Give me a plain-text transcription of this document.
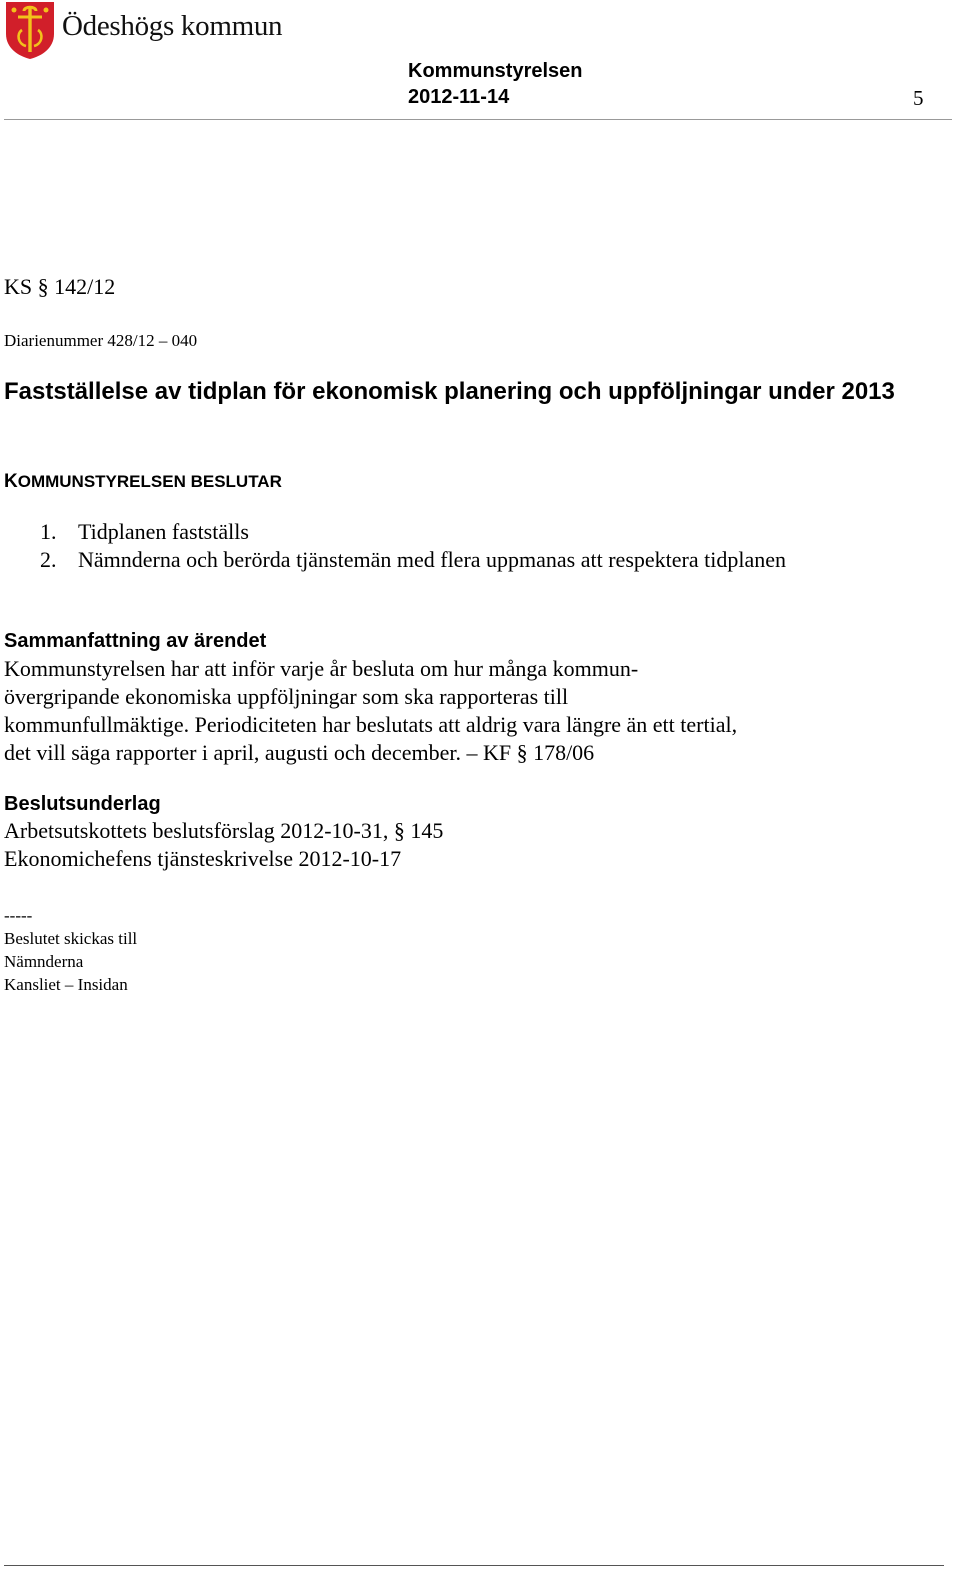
Ödeshögs kommun
Kommunstyrelsen
2012-11-14	5
KS § 142/12
Diarienummer 428/12 – 040
Fastställelse av tidplan för ekonomisk planering och uppföljningar under 2013
KOMMUNSTYRELSEN BESLUTAR
1. Tidplanen fastställs
2. Nämnderna och berörda tjänstemän med flera uppmanas att respektera tidplanen
Sammanfattning av ärendet
Kommunstyrelsen har att inför varje år besluta om hur många kommun-övergripande ekonomiska uppföljningar som ska rapporteras till kommunfullmäktige. Periodiciteten har beslutats att aldrig vara längre än ett tertial, det vill säga rapporter i april, augusti och december. – KF § 178/06
Beslutsunderlag
Arbetsutskottets beslutsförslag 2012-10-31, § 145
Ekonomichefens tjänsteskrivelse 2012-10-17
-----
Beslutet skickas till
Nämnderna
Kansliet – Insidan
